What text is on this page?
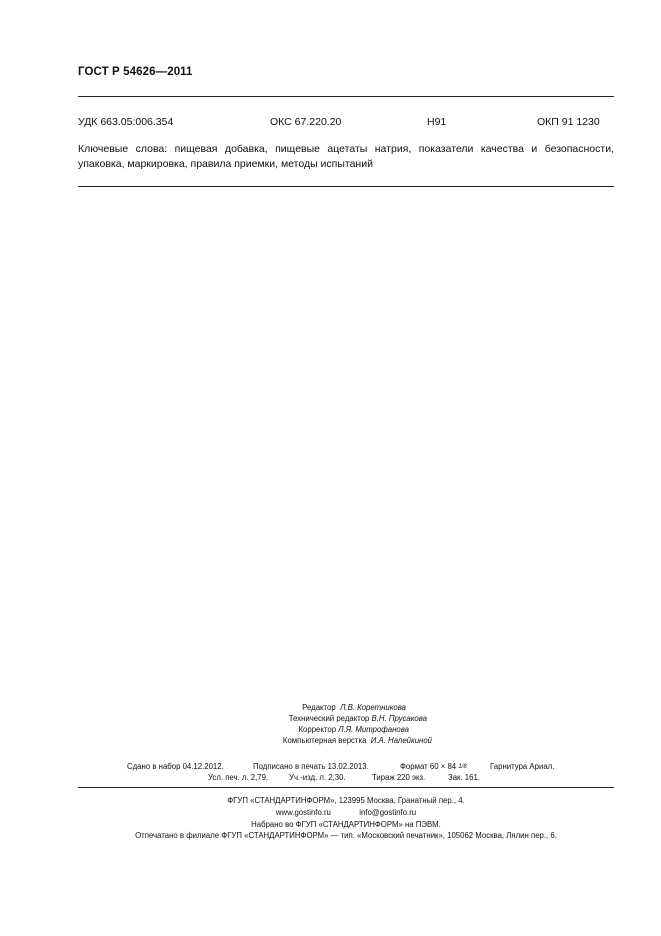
ГОСТ Р 54626—2011
УДК 663.05:006.354	ОКС 67.220.20	Н91	ОКП 91 1230
Ключевые слова: пищевая добавка, пищевые ацетаты натрия, показатели качества и безопасности,
упаковка, маркировка, правила приемки, методы испытаний
Редактор Л.В. Коретникова
Технический редактор В.Н. Прусакова
Корректор Л.Я. Митрофанова
Компьютерная верстка И.А. Налейкиной
Сдано в набор 04.12.2012.	Подписано в печать 13.02.2013.	Формат 60 × 84 1/8	Гарнитура Ариал.
Усл. печ. л. 2,79.	Уч.-изд. л. 2,30.	Тираж 220 экз.	Зак. 161.
ФГУП «СТАНДАРТИНФОРМ», 123995 Москва, Гранатный пер., 4.
www.gostinfo.ru	info@gostinfo.ru
Набрано во ФГУП «СТАНДАРТИНФОРМ» на ПЭВМ.
Отпечатано в филиале ФГУП «СТАНДАРТИНФОРМ» — тип. «Московский печатник», 105062 Москва, Лялин пер., 6.
